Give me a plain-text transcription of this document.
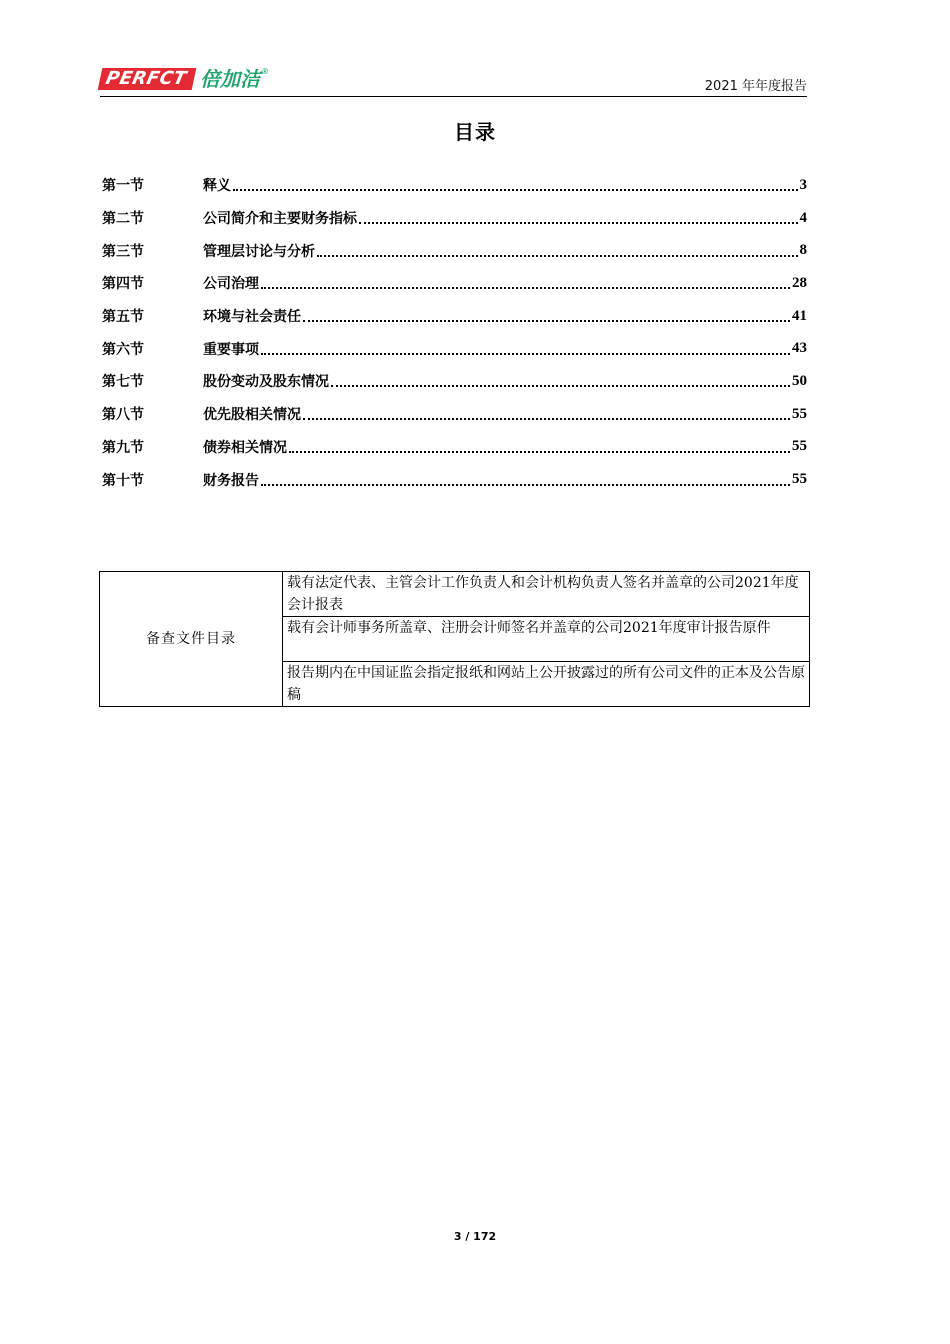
PERFCT 倍加洁 ®
2021 年年度报告
目录
第一节	释义	3
第二节	公司简介和主要财务指标	4
第三节	管理层讨论与分析	8
第四节	公司治理	28
第五节	环境与社会责任	41
第六节	重要事项	43
第七节	股份变动及股东情况	50
第八节	优先股相关情况	55
第九节	债券相关情况	55
第十节	财务报告	55
备查文件目录	载有法定代表、主管会计工作负责人和会计机构负责人签名并盖章的公司2021年度会计报表
载有会计师事务所盖章、注册会计师签名并盖章的公司2021年度审计报告原件
报告期内在中国证监会指定报纸和网站上公开披露过的所有公司文件的正本及公告原稿
3 / 172
